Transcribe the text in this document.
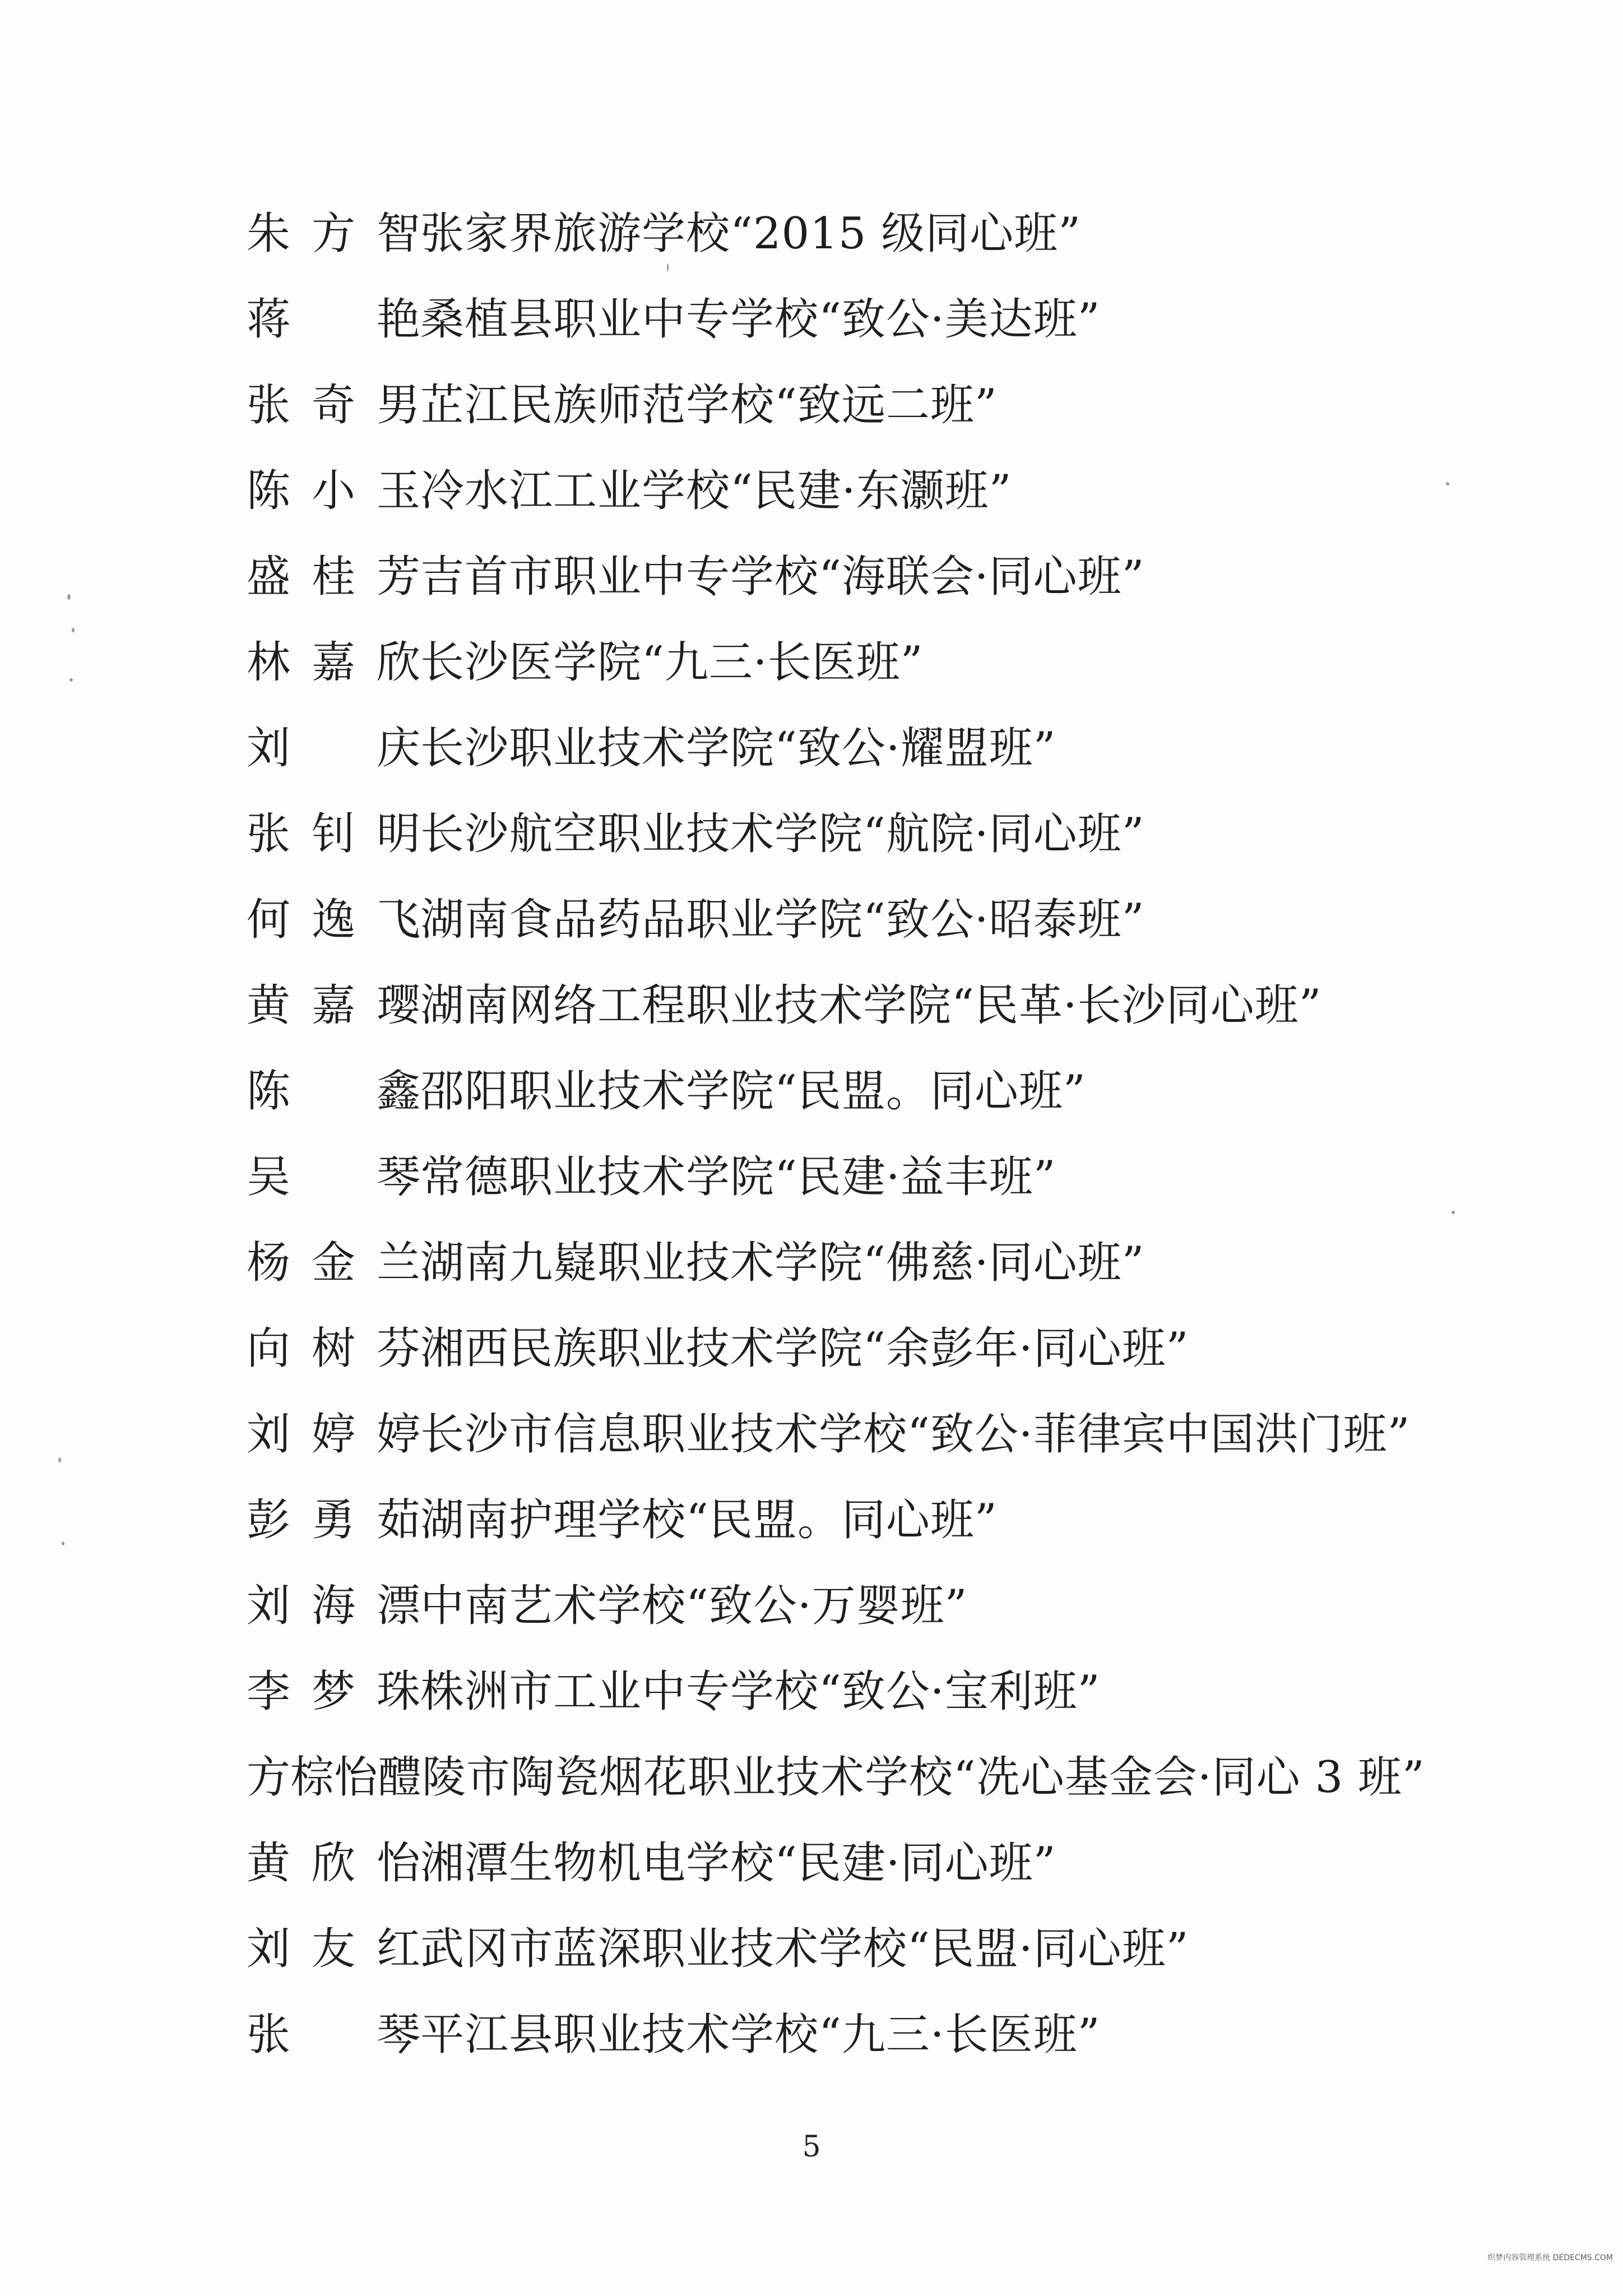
朱方智 张家界旅游学校“2015 级同心班”
蒋艳 桑植县职业中专学校“致公·美达班”
张奇男 芷江民族师范学校“致远二班”
陈小玉 冷水江工业学校“民建·东灏班”
盛桂芳 吉首市职业中专学校“海联会·同心班”
林嘉欣 长沙医学院“九三·长医班”
刘庆 长沙职业技术学院“致公·耀盟班”
张钊明 长沙航空职业技术学院“航院·同心班”
何逸飞 湖南食品药品职业学院“致公·昭泰班”
黄嘉璎 湖南网络工程职业技术学院“民革·长沙同心班”
陈鑫 邵阳职业技术学院“民盟。同心班”
吴琴 常德职业技术学院“民建·益丰班”
杨金兰 湖南九嶷职业技术学院“佛慈·同心班”
向树芬 湘西民族职业技术学院“余彭年·同心班”
刘婷婷 长沙市信息职业技术学校“致公·菲律宾中国洪门班”
彭勇茹 湖南护理学校“民盟。同心班”
刘海漂 中南艺术学校“致公·万婴班”
李梦珠 株洲市工业中专学校“致公·宝利班”
方棕怡 醴陵市陶瓷烟花职业技术学校“冼心基金会·同心 3 班”
黄欣怡 湘潭生物机电学校“民建·同心班”
刘友红 武冈市蓝深职业技术学校“民盟·同心班”
张琴 平江县职业技术学校“九三·长医班”
5
织梦内容管理系统 DEDECMS.COM
